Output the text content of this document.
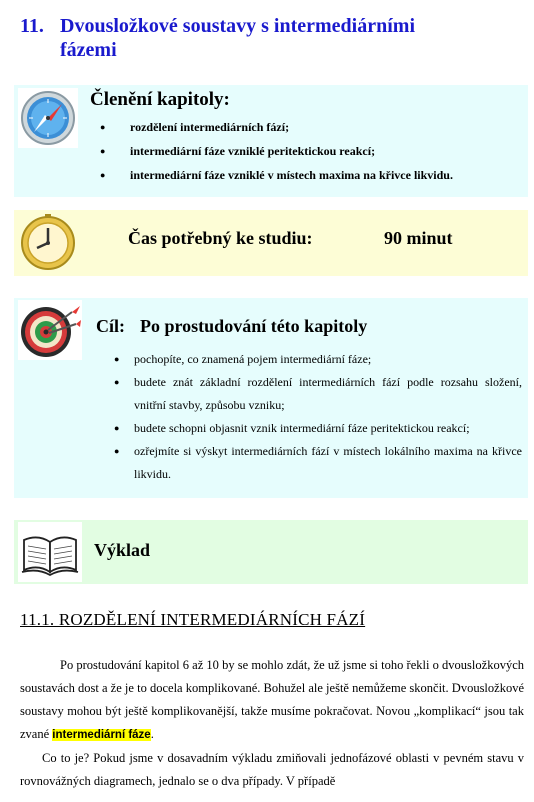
11. Dvousložkové soustavy s intermediárními
fázemi
Členění kapitoly:
● rozdělení intermediárních fází;
● intermediární fáze vzniklé peritektickou reakcí;
● intermediární fáze vzniklé v místech maxima na křivce likvidu.
Čas potřebný ke studiu:	90 minut
Cíl: Po prostudování této kapitoly
● pochopíte, co znamená pojem intermediární fáze;
● budete znát základní rozdělení intermediárních fází podle rozsahu složení, vnitřní stavby, způsobu vzniku;
● budete schopni objasnit vznik intermediární fáze peritektickou reakcí;
● ozřejmíte si výskyt intermediárních fází v místech lokálního maxima na křivce likvidu.
Výklad
11.1. ROZDĚLENÍ INTERMEDIÁRNÍCH FÁZÍ

Po prostudování kapitol 6 až 10 by se mohlo zdát, že už jsme si toho řekli o dvousložkových soustavách dost a že je to docela komplikované. Bohužel ale ještě nemůžeme skončit. Dvousložkové soustavy mohou být ještě komplikovanější, takže musíme pokračovat. Novou „komplikací“ jsou tak zvané intermediární fáze.

Co to je? Pokud jsme v dosavadním výkladu zmiňovali jednofázové oblasti v pevném stavu v rovnovážných diagramech, jednalo se o dva případy. V případě
